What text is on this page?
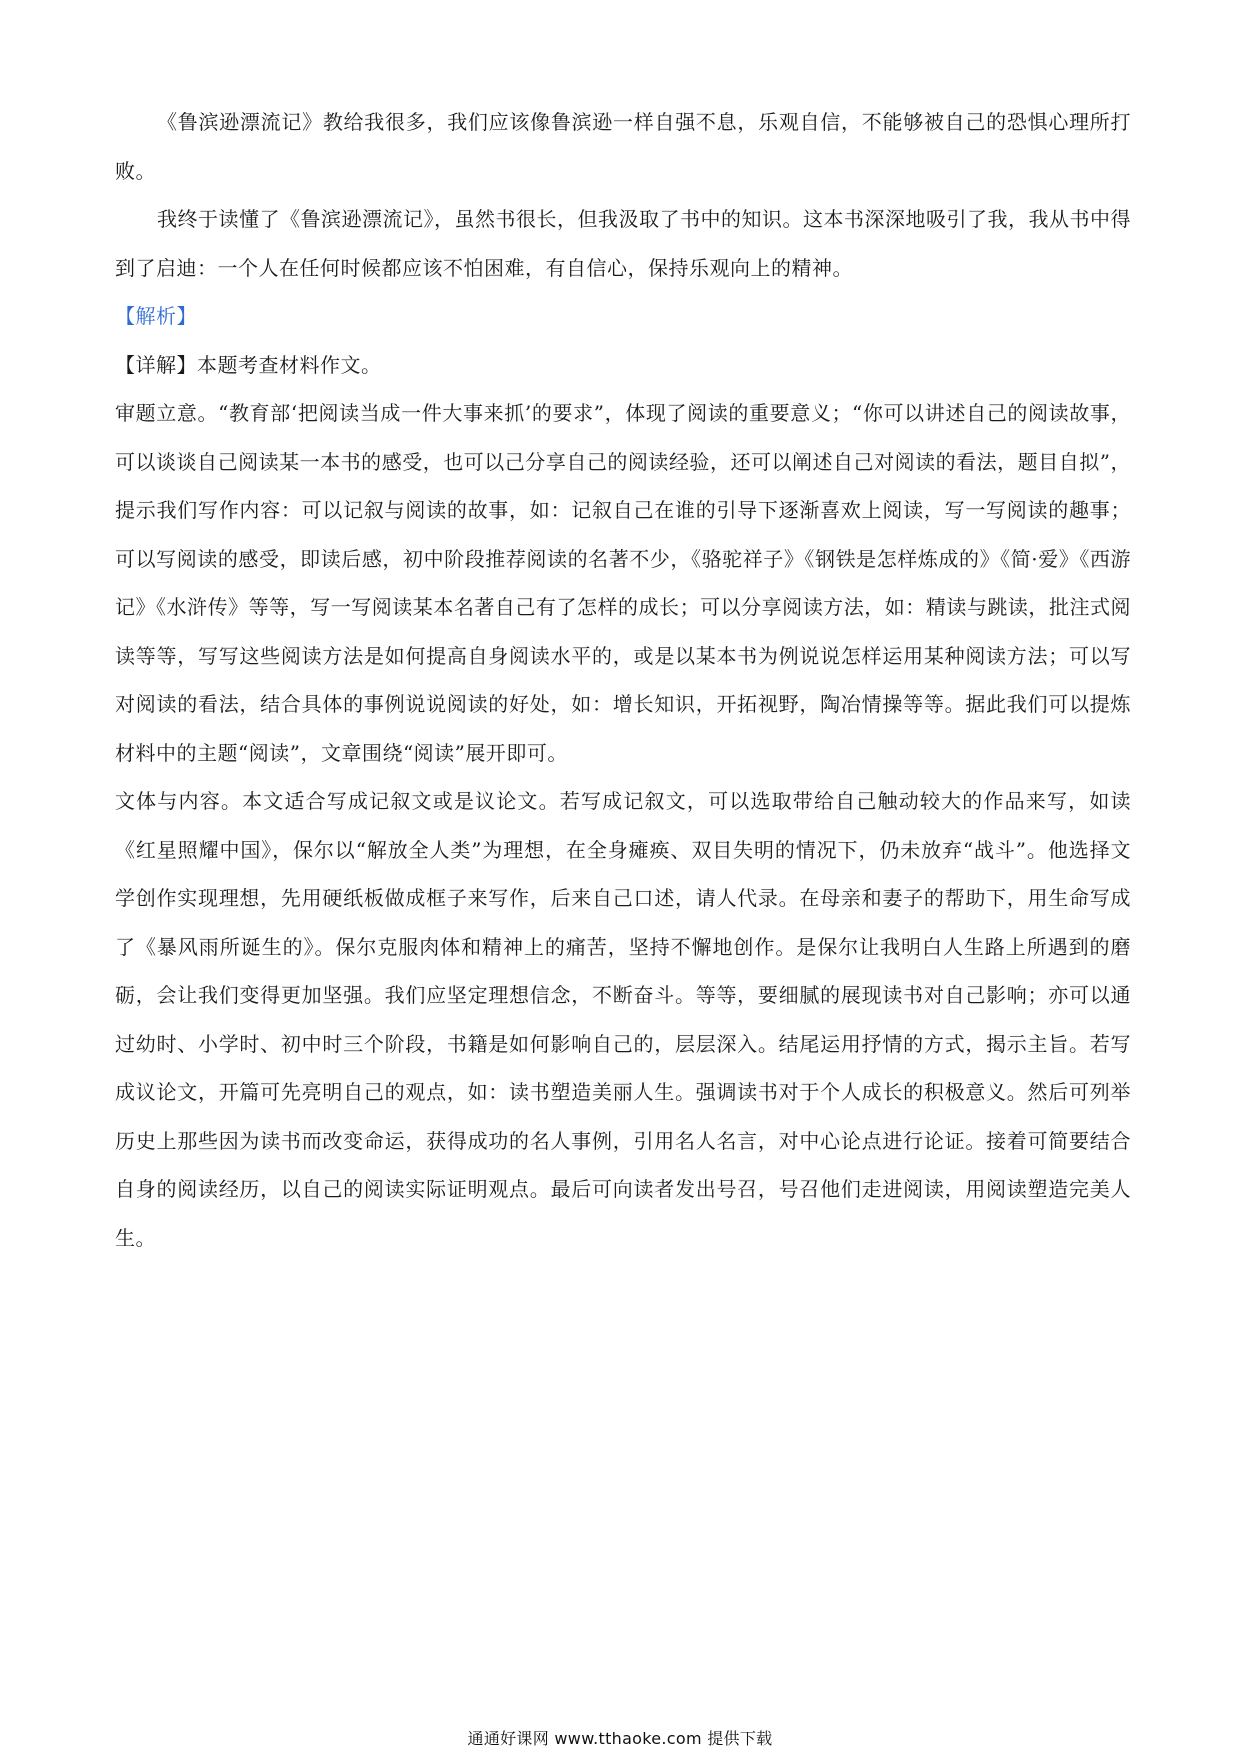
《鲁滨逊漂流记》教给我很多，我们应该像鲁滨逊一样自强不息，乐观自信，不能够被自己的恐惧心理所打败。

我终于读懂了《鲁滨逊漂流记》，虽然书很长，但我汲取了书中的知识。这本书深深地吸引了我，我从书中得到了启迪：一个人在任何时候都应该不怕困难，有自信心，保持乐观向上的精神。

【解析】

【详解】本题考查材料作文。

审题立意。“教育部‘把阅读当成一件大事来抓’的要求”，体现了阅读的重要意义；“你可以讲述自己的阅读故事，可以谈谈自己阅读某一本书的感受，也可以己分享自己的阅读经验，还可以阐述自己对阅读的看法，题目自拟”，提示我们写作内容：可以记叙与阅读的故事，如：记叙自己在谁的引导下逐渐喜欢上阅读，写一写阅读的趣事；可以写阅读的感受，即读后感，初中阶段推荐阅读的名著不少，《骆驼祥子》《钢铁是怎样炼成的》《简·爱》《西游记》《水浒传》等等，写一写阅读某本名著自己有了怎样的成长；可以分享阅读方法，如：精读与跳读，批注式阅读等等，写写这些阅读方法是如何提高自身阅读水平的，或是以某本书为例说说怎样运用某种阅读方法；可以写对阅读的看法，结合具体的事例说说阅读的好处，如：增长知识，开拓视野，陶冶情操等等。据此我们可以提炼材料中的主题“阅读”，文章围绕“阅读”展开即可。

文体与内容。本文适合写成记叙文或是议论文。若写成记叙文，可以选取带给自己触动较大的作品来写，如读《红星照耀中国》，保尔以“解放全人类”为理想，在全身瘫痪、双目失明的情况下，仍未放弃“战斗”。他选择文学创作实现理想，先用硬纸板做成框子来写作，后来自己口述，请人代录。在母亲和妻子的帮助下，用生命写成了《暴风雨所诞生的》。保尔克服肉体和精神上的痛苦，坚持不懈地创作。是保尔让我明白人生路上所遇到的磨砺，会让我们变得更加坚强。我们应坚定理想信念，不断奋斗。等等，要细腻的展现读书对自己影响；亦可以通过幼时、小学时、初中时三个阶段，书籍是如何影响自己的，层层深入。结尾运用抒情的方式，揭示主旨。若写成议论文，开篇可先亮明自己的观点，如：读书塑造美丽人生。强调读书对于个人成长的积极意义。然后可列举历史上那些因为读书而改变命运，获得成功的名人事例，引用名人名言，对中心论点进行论证。接着可简要结合自身的阅读经历，以自己的阅读实际证明观点。最后可向读者发出号召，号召他们走进阅读，用阅读塑造完美人生。

通通好课网 www.tthaoke.com 提供下载
